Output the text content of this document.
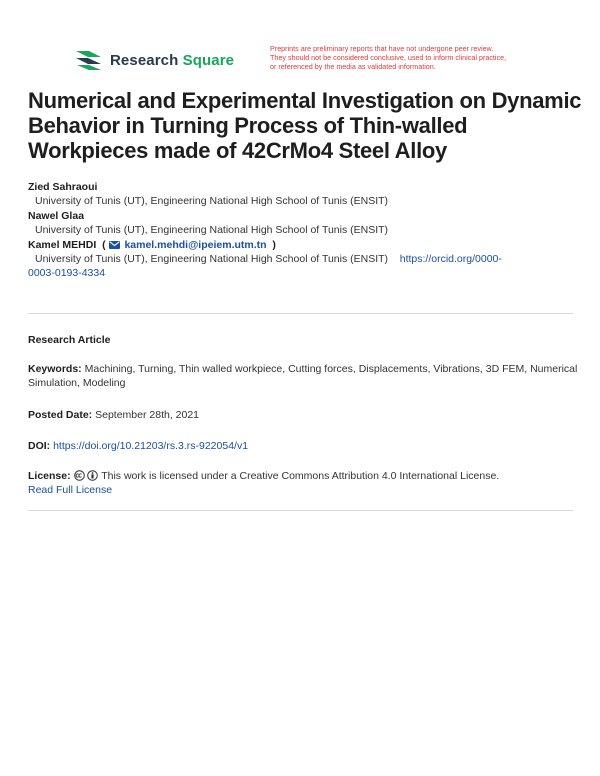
Research Square
Preprints are preliminary reports that have not undergone peer review.
They should not be considered conclusive, used to inform clinical practice,
or referenced by the media as validated information.
Numerical and Experimental Investigation on Dynamic Behavior in Turning Process of Thin-walled Workpieces made of 42CrMo4 Steel Alloy
Zied Sahraoui
University of Tunis (UT), Engineering National High School of Tunis (ENSIT)
Nawel Glaa
University of Tunis (UT), Engineering National High School of Tunis (ENSIT)
Kamel MEHDI  ( kamel.mehdi@ipeiem.utm.tn  )
University of Tunis (UT), Engineering National High School of Tunis (ENSIT) https://orcid.org/0000-
0003-0193-4334
Research Article
Keywords: Machining, Turning, Thin walled workpiece, Cutting forces, Displacements, Vibrations, 3D FEM, Numerical Simulation, Modeling
Posted Date: September 28th, 2021
DOI: https://doi.org/10.21203/rs.3.rs-922054/v1
License:	This work is licensed under a Creative Commons Attribution 4.0 International License.
Read Full License
